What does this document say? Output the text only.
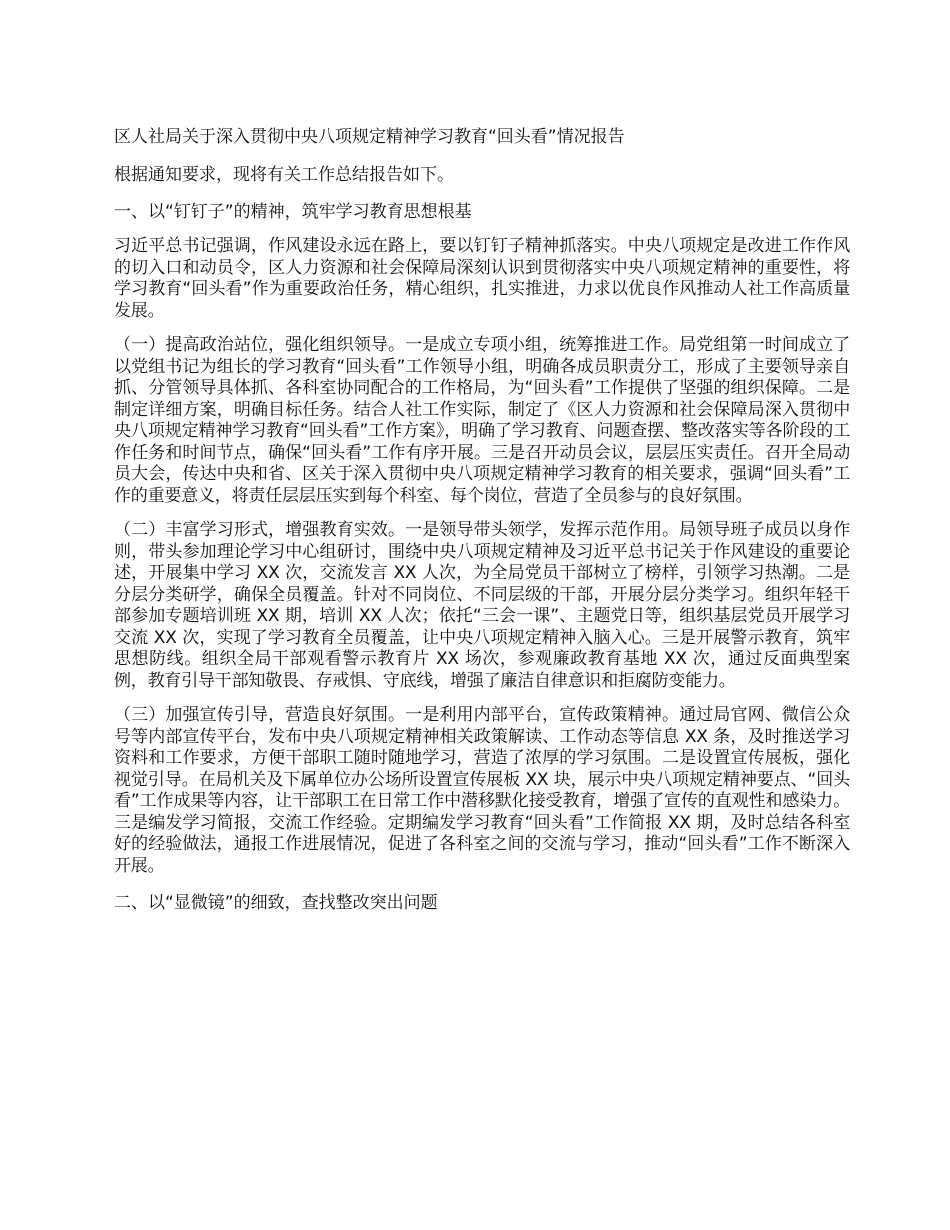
区人社局关于深入贯彻中央八项规定精神学习教育“回头看”情况报告
根据通知要求，现将有关工作总结报告如下。
一、以“钉钉子”的精神，筑牢学习教育思想根基
习近平总书记强调，作风建设永远在路上，要以钉钉子精神抓落实。中央八项规定是改进工作作风的切入口和动员令，区人力资源和社会保障局深刻认识到贯彻落实中央八项规定精神的重要性，将学习教育“回头看”作为重要政治任务，精心组织，扎实推进，力求以优良作风推动人社工作高质量发展。
（一）提高政治站位，强化组织领导。一是成立专项小组，统筹推进工作。局党组第一时间成立了以党组书记为组长的学习教育“回头看”工作领导小组，明确各成员职责分工，形成了主要领导亲自抓、分管领导具体抓、各科室协同配合的工作格局，为“回头看”工作提供了坚强的组织保障。二是制定详细方案，明确目标任务。结合人社工作实际，制定了《区人力资源和社会保障局深入贯彻中央八项规定精神学习教育“回头看”工作方案》，明确了学习教育、问题查摆、整改落实等各阶段的工作任务和时间节点，确保“回头看”工作有序开展。三是召开动员会议，层层压实责任。召开全局动员大会，传达中央和省、区关于深入贯彻中央八项规定精神学习教育的相关要求，强调“回头看”工作的重要意义，将责任层层压实到每个科室、每个岗位，营造了全员参与的良好氛围。
（二）丰富学习形式，增强教育实效。一是领导带头领学，发挥示范作用。局领导班子成员以身作则，带头参加理论学习中心组研讨，围绕中央八项规定精神及习近平总书记关于作风建设的重要论述，开展集中学习 XX 次，交流发言 XX 人次，为全局党员干部树立了榜样，引领学习热潮。二是分层分类研学，确保全员覆盖。针对不同岗位、不同层级的干部，开展分层分类学习。组织年轻干部参加专题培训班 XX 期，培训 XX 人次；依托“三会一课”、主题党日等，组织基层党员开展学习交流 XX 次，实现了学习教育全员覆盖，让中央八项规定精神入脑入心。三是开展警示教育，筑牢思想防线。组织全局干部观看警示教育片 XX 场次，参观廉政教育基地 XX 次，通过反面典型案例，教育引导干部知敬畏、存戒惧、守底线，增强了廉洁自律意识和拒腐防变能力。
（三）加强宣传引导，营造良好氛围。一是利用内部平台，宣传政策精神。通过局官网、微信公众号等内部宣传平台，发布中央八项规定精神相关政策解读、工作动态等信息 XX 条，及时推送学习资料和工作要求，方便干部职工随时随地学习，营造了浓厚的学习氛围。二是设置宣传展板，强化视觉引导。在局机关及下属单位办公场所设置宣传展板 XX 块，展示中央八项规定精神要点、“回头看”工作成果等内容，让干部职工在日常工作中潜移默化接受教育，增强了宣传的直观性和感染力。三是编发学习简报，交流工作经验。定期编发学习教育“回头看”工作简报 XX 期，及时总结各科室好的经验做法，通报工作进展情况，促进了各科室之间的交流与学习，推动“回头看”工作不断深入开展。
二、以“显微镜”的细致，查找整改突出问题
